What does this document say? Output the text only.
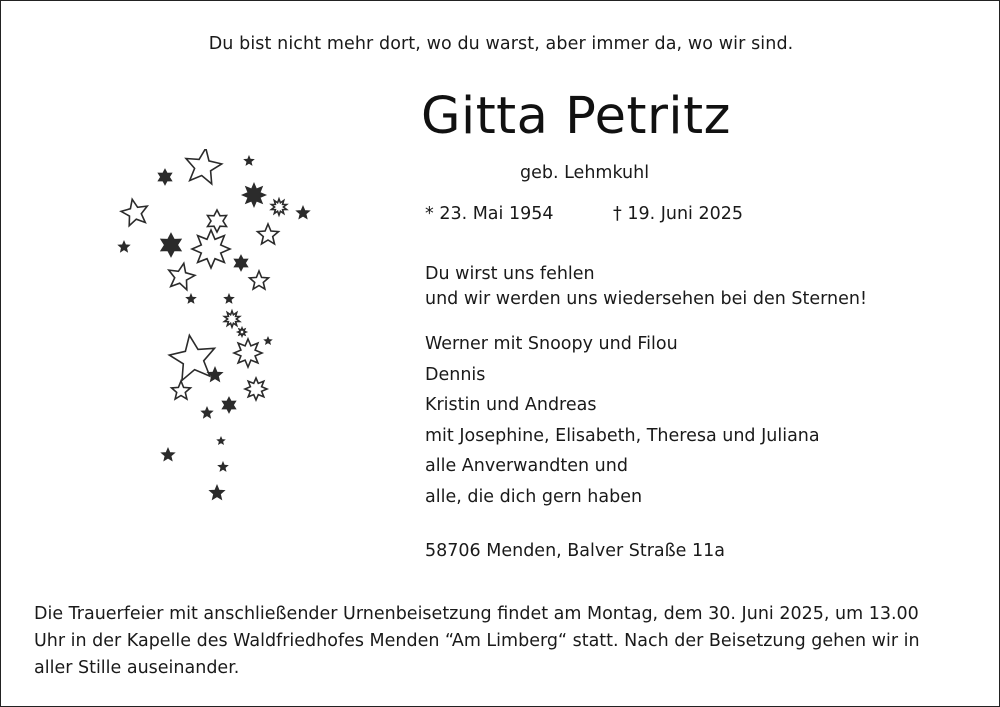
Du bist nicht mehr dort, wo du warst, aber immer da, wo wir sind.
Gitta Petritz
geb. Lehmkuhl
* 23. Mai 1954	† 19. Juni 2025
Du wirst uns fehlen
und wir werden uns wiedersehen bei den Sternen!
Werner mit Snoopy und Filou
Dennis
Kristin und Andreas
mit Josephine, Elisabeth, Theresa und Juliana
alle Anverwandten und
alle, die dich gern haben
58706 Menden, Balver Straße 11a
Die Trauerfeier mit anschließender Urnenbeisetzung findet am Montag, dem 30. Juni 2025, um 13.00
Uhr in der Kapelle des Waldfriedhofes Menden “Am Limberg“ statt. Nach der Beisetzung gehen wir in
aller Stille auseinander.
